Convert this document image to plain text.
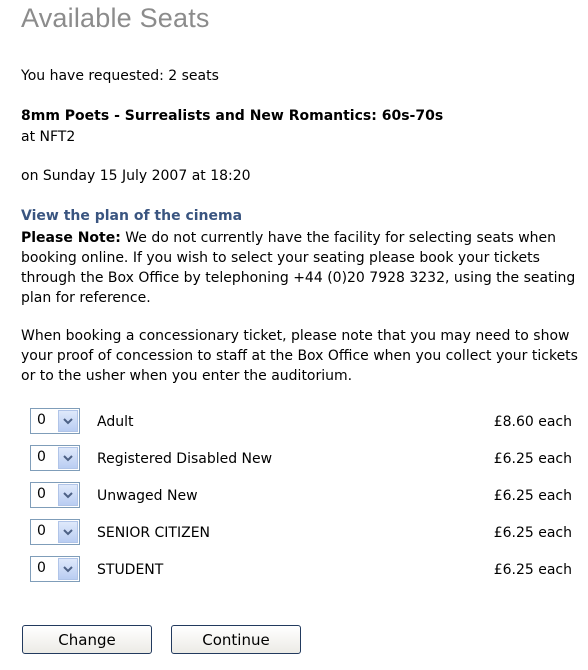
Available Seats
You have requested: 2 seats
8mm Poets - Surrealists and New Romantics: 60s-70s
at NFT2
on Sunday 15 July 2007 at 18:20
View the plan of the cinema
Please Note: We do not currently have the facility for selecting seats when booking online. If you wish to select your seating please book your tickets through the Box Office by telephoning +44 (0)20 7928 3232, using the seating plan for reference.
When booking a concessionary ticket, please note that you may need to show your proof of concession to staff at the Box Office when you collect your tickets or to the usher when you enter the auditorium.
0	Adult	£8.60 each
0	Registered Disabled New	£6.25 each
0	Unwaged New	£6.25 each
0	SENIOR CITIZEN	£6.25 each
0	STUDENT	£6.25 each
Change	Continue
